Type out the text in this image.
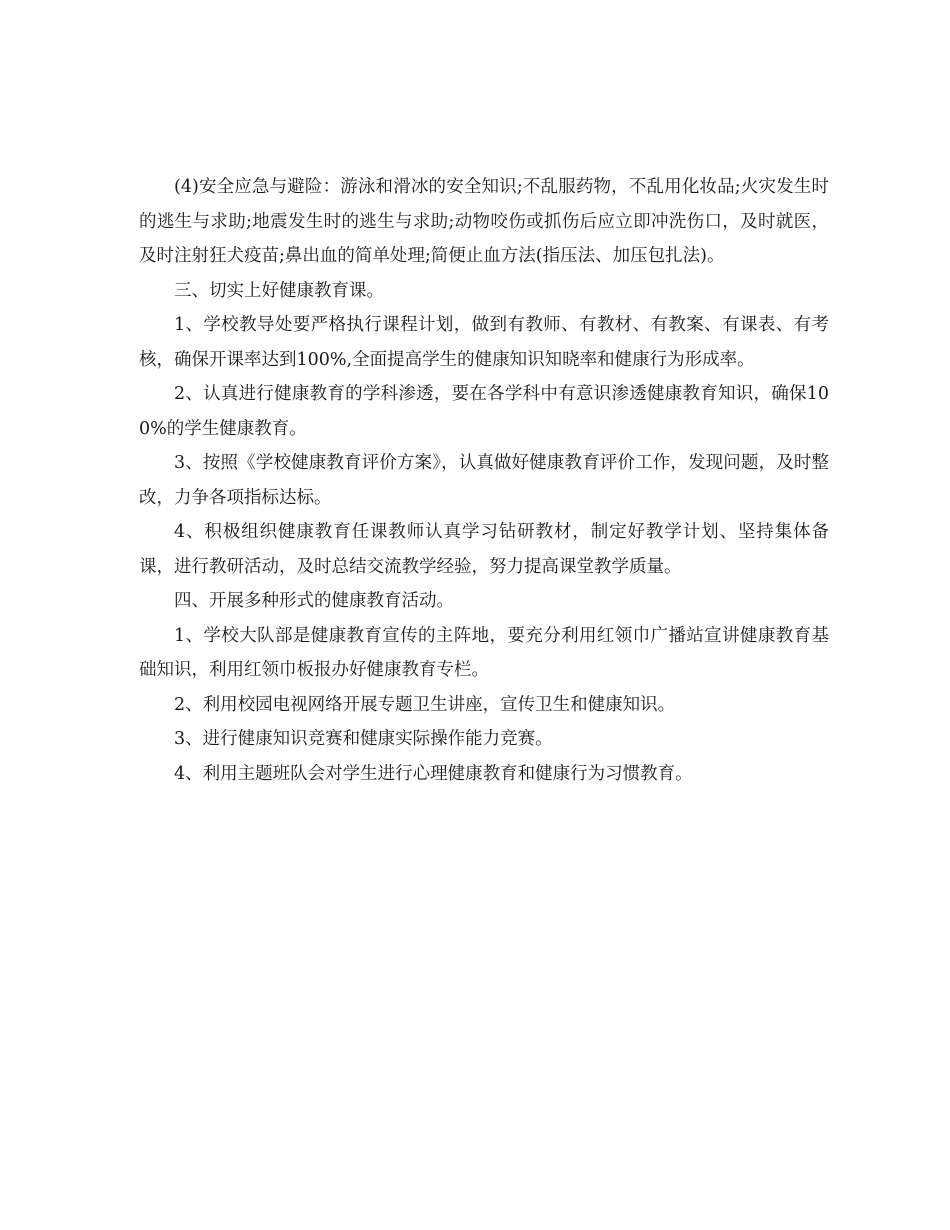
(4)安全应急与避险：游泳和滑冰的安全知识;不乱服药物，不乱用化妆品;火灾发生时的逃生与求助;地震发生时的逃生与求助;动物咬伤或抓伤后应立即冲洗伤口，及时就医，及时注射狂犬疫苗;鼻出血的简单处理;简便止血方法(指压法、加压包扎法)。

三、切实上好健康教育课。

1、学校教导处要严格执行课程计划，做到有教师、有教材、有教案、有课表、有考核，确保开课率达到100%,全面提高学生的健康知识知晓率和健康行为形成率。

2、认真进行健康教育的学科渗透，要在各学科中有意识渗透健康教育知识，确保100%的学生健康教育。

3、按照《学校健康教育评价方案》，认真做好健康教育评价工作，发现问题，及时整改，力争各项指标达标。

4、积极组织健康教育任课教师认真学习钻研教材，制定好教学计划、坚持集体备课，进行教研活动，及时总结交流教学经验，努力提高课堂教学质量。

四、开展多种形式的健康教育活动。

1、学校大队部是健康教育宣传的主阵地，要充分利用红领巾广播站宣讲健康教育基础知识，利用红领巾板报办好健康教育专栏。

2、利用校园电视网络开展专题卫生讲座，宣传卫生和健康知识。

3、进行健康知识竞赛和健康实际操作能力竞赛。

4、利用主题班队会对学生进行心理健康教育和健康行为习惯教育。
